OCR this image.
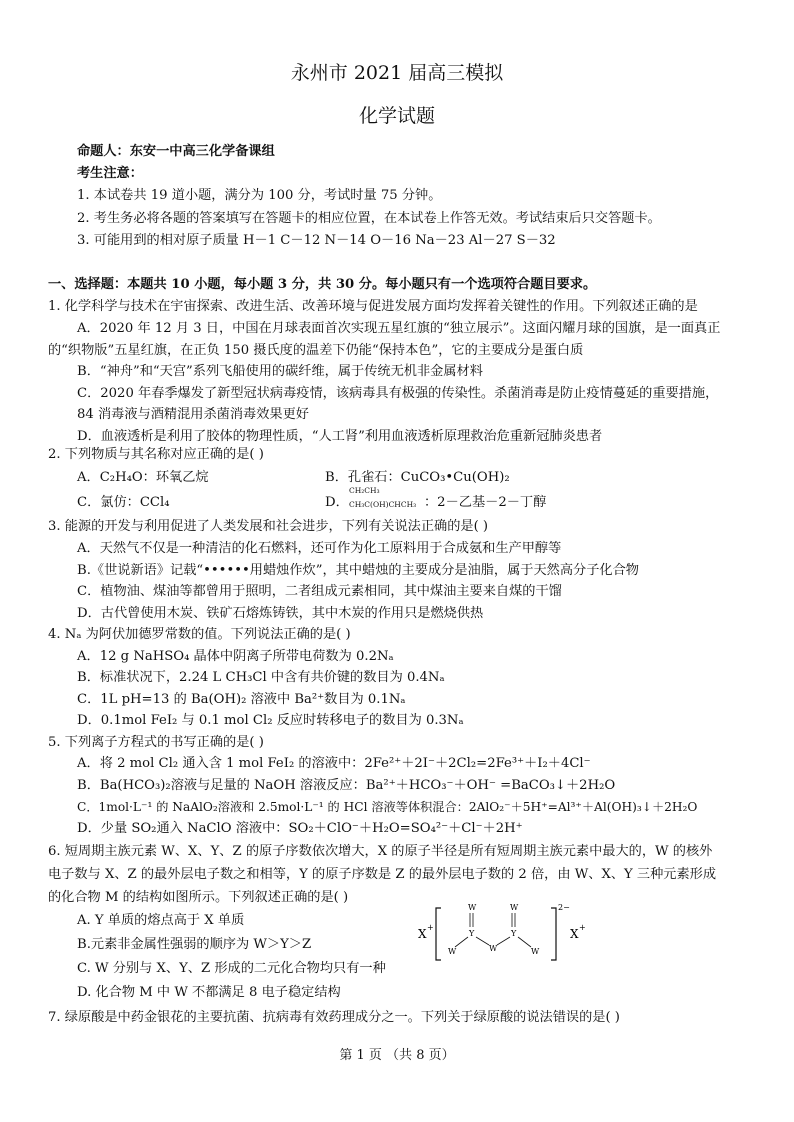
永州市 2021 届高三模拟
化学试题
命题人：东安一中高三化学备课组
考生注意：
1. 本试卷共 19 道小题，满分为 100 分，考试时量 75 分钟。
2. 考生务必将各题的答案填写在答题卡的相应位置，在本试卷上作答无效。考试结束后只交答题卡。
3. 可能用到的相对原子质量 H－1 C－12 N－14 O－16 Na－23 Al－27 S－32
一、选择题：本题共 10 小题，每小题 3 分，共 30 分。每小题只有一个选项符合题目要求。
1. 化学科学与技术在宇宙探索、改进生活、改善环境与促进发展方面均发挥着关键性的作用。下列叙述正确的是
A．2020 年 12 月 3 日，中国在月球表面首次实现五星红旗的“独立展示”。这面闪耀月球的国旗，是一面真正
的“织物版”五星红旗，在正负 150 摄氏度的温差下仍能“保持本色”，它的主要成分是蛋白质
B．“神舟”和“天宫”系列飞船使用的碳纤维，属于传统无机非金属材料
C．2020 年春季爆发了新型冠状病毒疫情，该病毒具有极强的传染性。杀菌消毒是防止疫情蔓延的重要措施，
84 消毒液与酒精混用杀菌消毒效果更好
D．血液透析是利用了胶体的物理性质，“人工肾”利用血液透析原理救治危重新冠肺炎患者
2. 下列物质与其名称对应正确的是( )
A．C₂H₄O：环氧乙烷	B．孔雀石：CuCO₃•Cu(OH)₂
C．氯仿：CCl₄	D．
CH₂CH₃
CH₃C(OH)CHCH₃ ：2－乙基－2－丁醇
3. 能源的开发与利用促进了人类发展和社会进步，下列有关说法正确的是( )
A．天然气不仅是一种清洁的化石燃料，还可作为化工原料用于合成氨和生产甲醇等
B.《世说新语》记载“••••••用蜡烛作炊”，其中蜡烛的主要成分是油脂，属于天然高分子化合物
C．植物油、煤油等都曾用于照明，二者组成元素相同，其中煤油主要来自煤的干馏
D．古代曾使用木炭、铁矿石熔炼铸铁，其中木炭的作用只是燃烧供热
4. Nₐ 为阿伏加德罗常数的值。下列说法正确的是( )
A．12 g NaHSO₄ 晶体中阴离子所带电荷数为 0.2Nₐ
B．标准状况下，2.24 L CH₃Cl 中含有共价键的数目为 0.4Nₐ
C．1L pH=13 的 Ba(OH)₂ 溶液中 Ba²⁺数目为 0.1Nₐ
D．0.1mol FeI₂ 与 0.1 mol Cl₂ 反应时转移电子的数目为 0.3Nₐ
5. 下列离子方程式的书写正确的是( )
A．将 2 mol Cl₂ 通入含 1 mol FeI₂ 的溶液中：2Fe²⁺＋2I⁻＋2Cl₂=2Fe³⁺＋I₂＋4Cl⁻
B．Ba(HCO₃)₂溶液与足量的 NaOH 溶液反应：Ba²⁺＋HCO₃⁻＋OH⁻ =BaCO₃↓＋2H₂O
C．1mol·L⁻¹ 的 NaAlO₂溶液和 2.5mol·L⁻¹ 的 HCl 溶液等体积混合：2AlO₂⁻＋5H⁺=Al³⁺＋Al(OH)₃↓＋2H₂O
D．少量 SO₂通入 NaClO 溶液中：SO₂＋ClO⁻＋H₂O=SO₄²⁻＋Cl⁻＋2H⁺
6. 短周期主族元素 W、X、Y、Z 的原子序数依次增大，X 的原子半径是所有短周期主族元素中最大的，W 的核外
电子数与 X、Z 的最外层电子数之和相等，Y 的原子序数是 Z 的最外层电子数的 2 倍，由 W、X、Y 三种元素形成
的化合物 M 的结构如图所示。下列叙述正确的是( )
A. Y 单质的熔点高于 X 单质
B.元素非金属性强弱的顺序为 W＞Y＞Z
C. W 分别与 X、Y、Z 形成的二元化合物均只有一种
D. 化合物 M 中 W 不都满足 8 电子稳定结构
X +
2−
X +
W	W
Y	Y
W	W	W
7. 绿原酸是中药金银花的主要抗菌、抗病毒有效药理成分之一。下列关于绿原酸的说法错误的是( )
第 1 页 （共 8 页）
